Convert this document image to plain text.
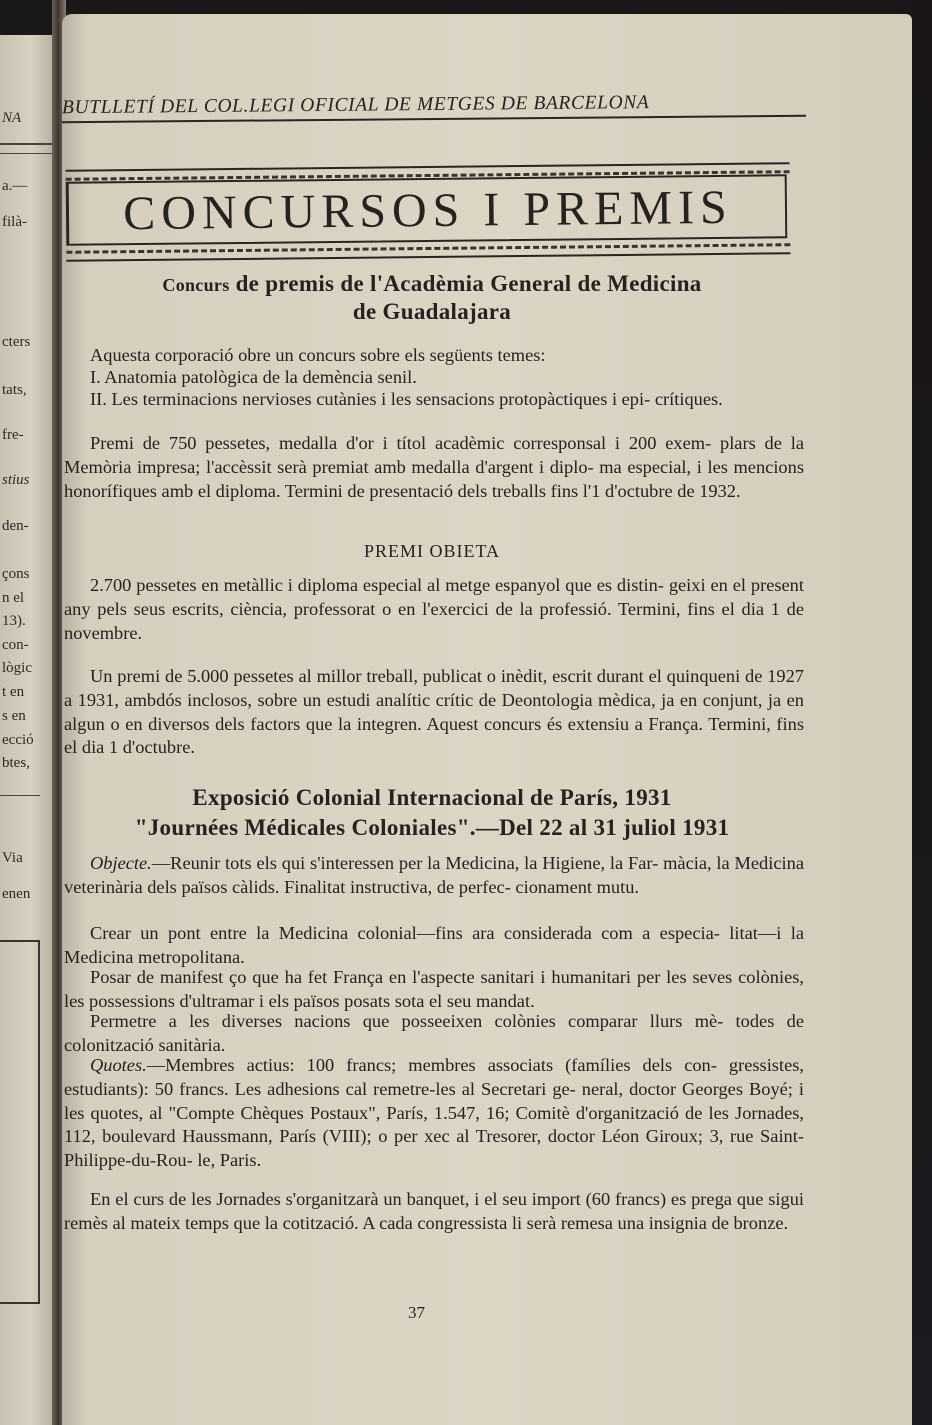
NA
a.—
filà-
cters
tats,
fre-
stius
den-
çons
n el
13).
con-
lògic
t en
s en
ecció
btes,
Via
enen
BUTLLETÍ DEL COL.LEGI OFICIAL DE METGES DE BARCELONA
CONCURSOS I PREMIS
Concurs de premis de l'Acadèmia General de Medicina
de Guadalajara

Aquesta corporació obre un concurs sobre els següents temes:

I. Anatomia patològica de la demència senil.

II. Les terminacions nervioses cutànies i les sensacions protopàctiques i epi- crítiques.

Premi de 750 pessetes, medalla d'or i títol acadèmic corresponsal i 200 exem- plars de la Memòria impresa; l'accèssit serà premiat amb medalla d'argent i diplo- ma especial, i les mencions honorífiques amb el diploma. Termini de presentació dels treballs fins l'1 d'octubre de 1932.

PREMI OBIETA

2.700 pessetes en metàllic i diploma especial al metge espanyol que es distin- geixi en el present any pels seus escrits, ciència, professorat o en l'exercici de la professió. Termini, fins el dia 1 de novembre.

Un premi de 5.000 pessetes al millor treball, publicat o inèdit, escrit durant el quinqueni de 1927 a 1931, ambdós inclosos, sobre un estudi analític crític de Deontologia mèdica, ja en conjunt, ja en algun o en diversos dels factors que la integren. Aquest concurs és extensiu a França. Termini, fins el dia 1 d'octubre.

Exposició Colonial Internacional de París, 1931
"Journées Médicales Coloniales".—Del 22 al 31 juliol 1931

Objecte.—Reunir tots els qui s'interessen per la Medicina, la Higiene, la Far- màcia, la Medicina veterinària dels països càlids. Finalitat instructiva, de perfec- cionament mutu.

Crear un pont entre la Medicina colonial—fins ara considerada com a especia- litat—i la Medicina metropolitana.

Posar de manifest ço que ha fet França en l'aspecte sanitari i humanitari per les seves colònies, les possessions d'ultramar i els països posats sota el seu mandat.

Permetre a les diverses nacions que posseeixen colònies comparar llurs mè- todes de colonització sanitària.

Quotes.—Membres actius: 100 francs; membres associats (famílies dels con- gressistes, estudiants): 50 francs. Les adhesions cal remetre-les al Secretari ge- neral, doctor Georges Boyé; i les quotes, al "Compte Chèques Postaux", París, 1.547, 16; Comitè d'organització de les Jornades, 112, boulevard Haussmann, París (VIII); o per xec al Tresorer, doctor Léon Giroux; 3, rue Saint-Philippe-du-Rou- le, Paris.

En el curs de les Jornades s'organitzarà un banquet, i el seu import (60 francs) es prega que sigui remès al mateix temps que la cotització. A cada congressista li serà remesa una insignia de bronze.

37
